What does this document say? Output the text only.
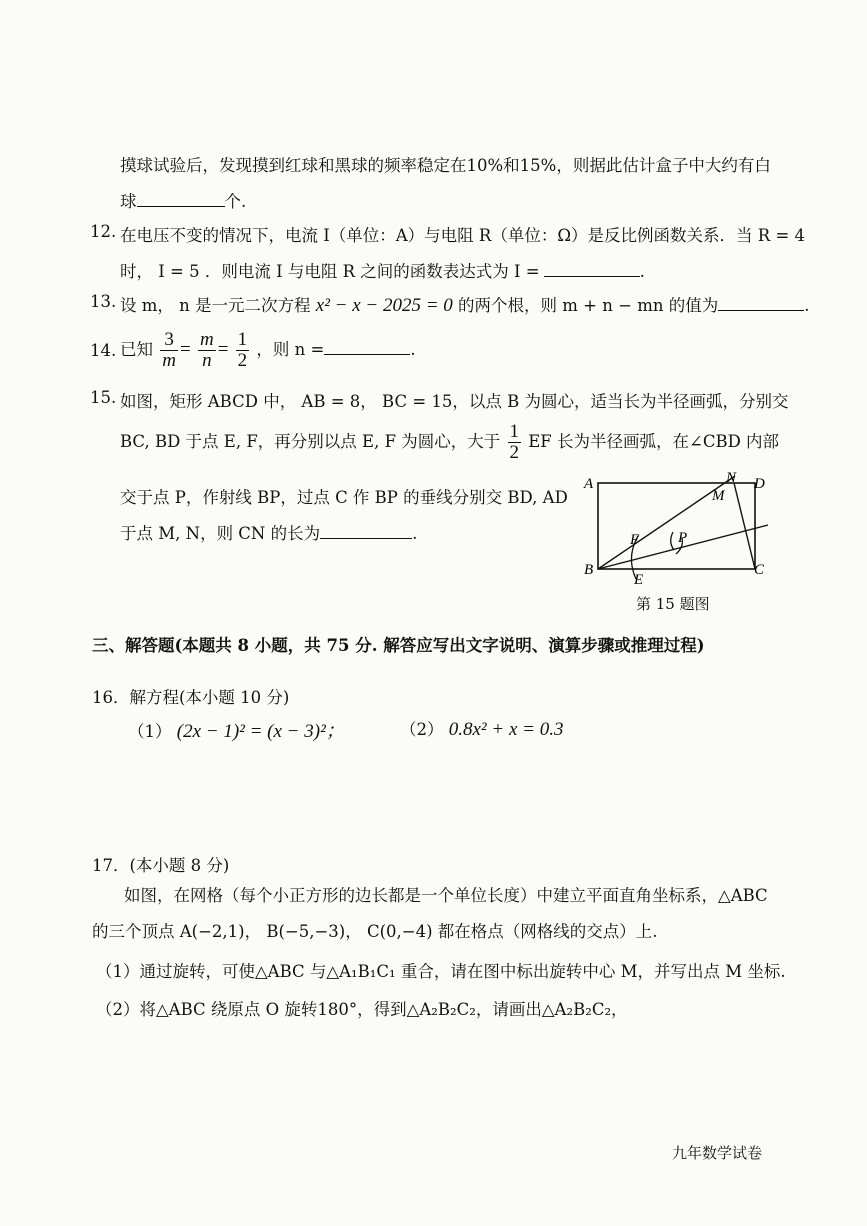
摸球试验后，发现摸到红球和黑球的频率稳定在10%和15%，则据此估计盒子中大约有白
球	个.
12. 在电压不变的情况下，电流 I（单位：A）与电阻 R（单位：Ω）是反比例函数关系．当 R = 4
时， I = 5 ．则电流 I 与电阻 R 之间的函数表达式为 I =	.
13. 设 m， n 是一元二次方程 x² − x − 2025 = 0 的两个根，则 m + n − mn 的值为	.
14. 已知 $\frac{3}{m} = \frac{m}{n} = \frac{1}{2}$ ，则 n =	.
15. 如图，矩形 ABCD 中， AB = 8， BC = 15，以点 B 为圆心，适当长为半径画弧，分别交
BC, BD 于点 E, F，再分别以点 E, F 为圆心，大于 $\frac{1}{2}$ EF 长为半径画弧，在∠CBD 内部
交于点 P，作射线 BP，过点 C 作 BP 的垂线分别交 BD, AD
于点 M, N，则 CN 的长为	.
A
B	C
D
E
F
M
N
P
第 15 题图
三、解答题(本题共 8 小题，共 75 分. 解答应写出文字说明、演算步骤或推理过程)
16．解方程(本小题 10 分)
（1） (2x − 1)² = (x − 3)²；	（2） 0.8x² + x = 0.3
17．(本小题 8 分)
如图，在网格（每个小正方形的边长都是一个单位长度）中建立平面直角坐标系，△ABC
的三个顶点 A(−2,1)， B(−5,−3)， C(0,−4) 都在格点（网格线的交点）上.
（1）通过旋转，可使△ABC 与△A₁B₁C₁ 重合，请在图中标出旋转中心 M，并写出点 M 坐标.
（2）将△ABC 绕原点 O 旋转180°，得到△A₂B₂C₂，请画出△A₂B₂C₂，
九年数学试卷
